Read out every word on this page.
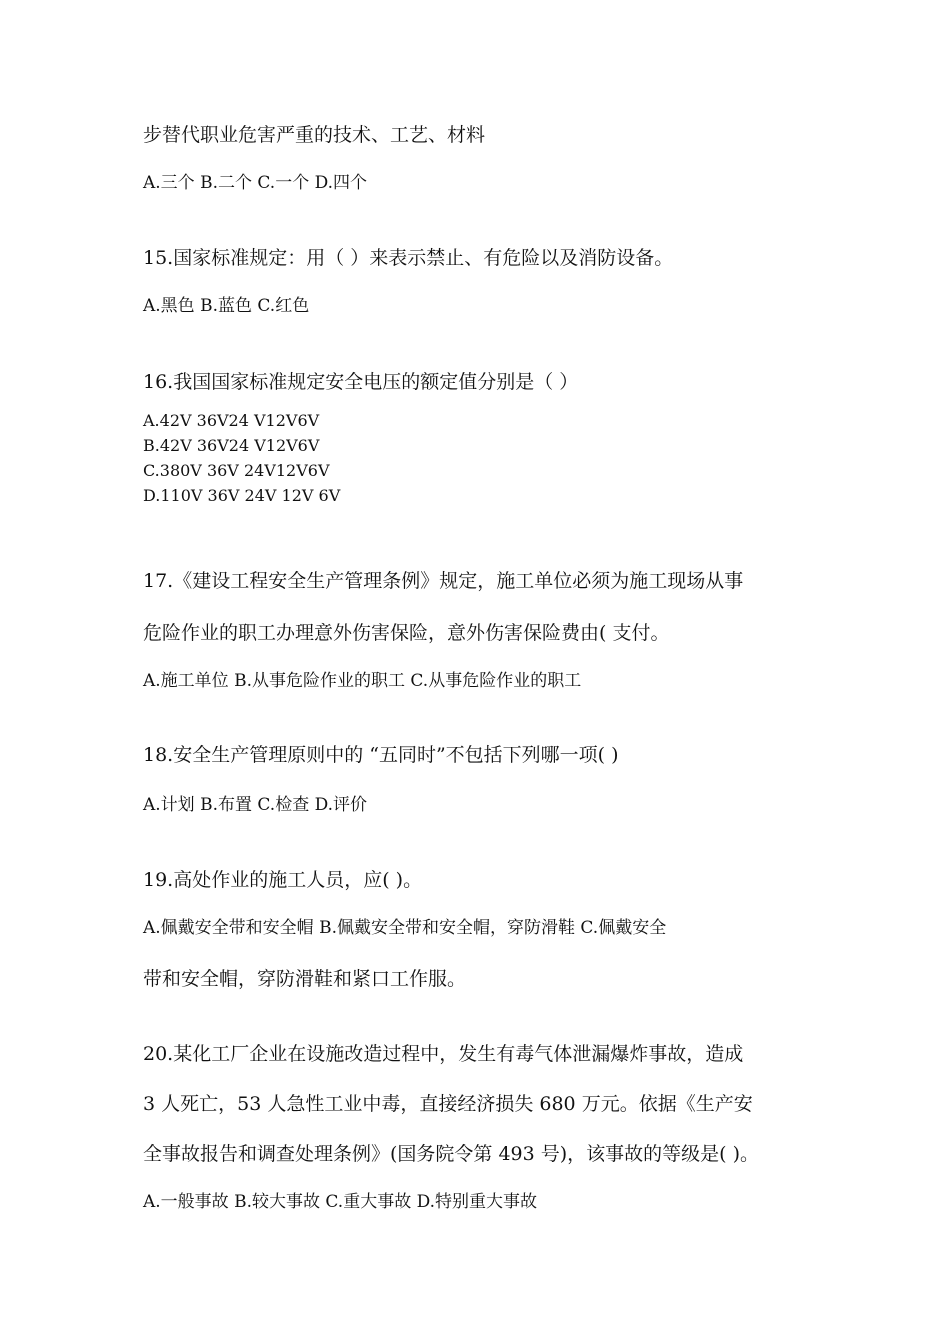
步替代职业危害严重的技术、工艺、材料
A.三个 B.二个 C.一个 D.四个
15.国家标准规定：用（ ）来表示禁止、有危险以及消防设备。
A.黑色 B.蓝色 C.红色
16.我国国家标准规定安全电压的额定值分别是（ ）
A.42V 36V24 V12V6V
B.42V 36V24 V12V6V
C.380V 36V 24V12V6V
D.110V 36V 24V 12V 6V
17.《建设工程安全生产管理条例》规定，施工单位必须为施工现场从事
危险作业的职工办理意外伤害保险，意外伤害保险费由( 支付。
A.施工单位 B.从事危险作业的职工 C.从事危险作业的职工
18.安全生产管理原则中的 “五同时”不包括下列哪一项( )
A.计划 B.布置 C.检查 D.评价
19.高处作业的施工人员，应( )。
A.佩戴安全带和安全帽 B.佩戴安全带和安全帽，穿防滑鞋 C.佩戴安全
带和安全帽，穿防滑鞋和紧口工作服。
20.某化工厂企业在设施改造过程中，发生有毒气体泄漏爆炸事故，造成
3 人死亡，53 人急性工业中毒，直接经济损失 680 万元。依据《生产安
全事故报告和调查处理条例》(国务院令第 493 号)，该事故的等级是( )。
A.一般事故 B.较大事故 C.重大事故 D.特别重大事故
